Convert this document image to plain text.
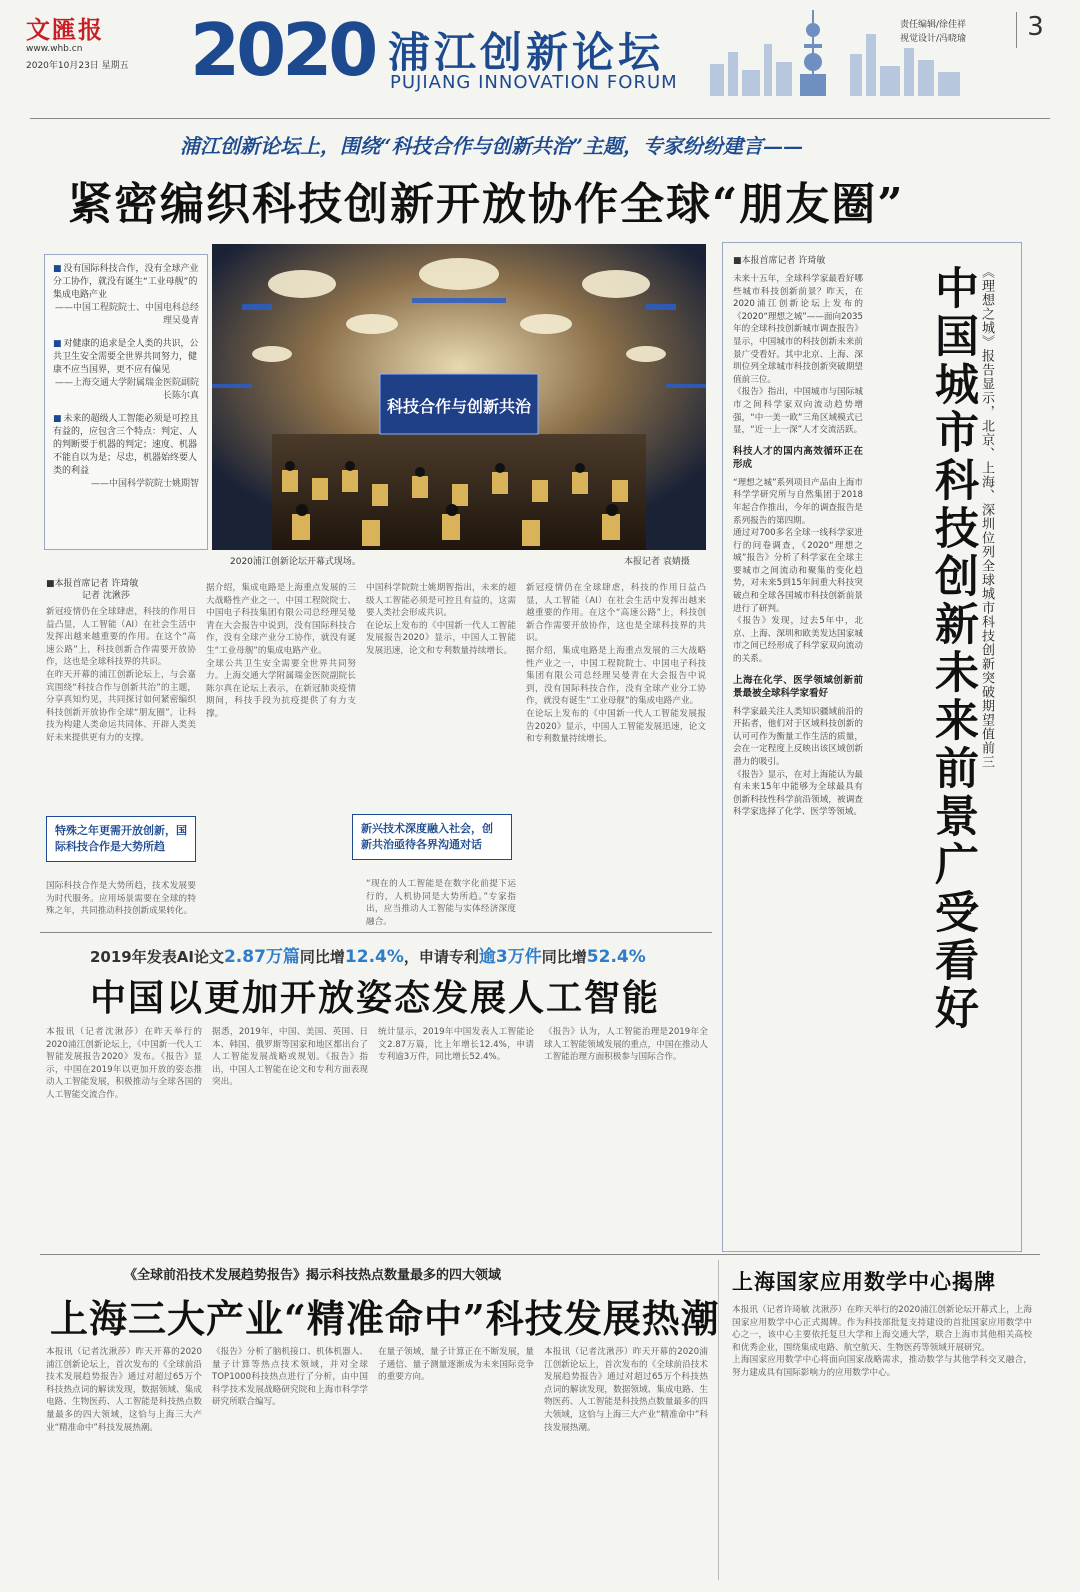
文匯报
www.whb.cn
2020年10月23日 星期五 2020 浦江创新论坛
PUJIANG INNOVATION FORUM
责任编辑/徐佳祥
视觉设计/冯晓瑜	3
浦江创新论坛上，围绕“科技合作与创新共治”主题，专家纷纷建言——
紧密编织科技创新开放协作全球“朋友圈”
■ 没有国际科技合作，没有全球产业分工协作，就没有诞生“工业母舰”的集成电路产业
——中国工程院院士、中国电科总经理吴曼青
■ 对健康的追求是全人类的共识，公共卫生安全需要全世界共同努力，健康不应当国界，更不应有偏见
——上海交通大学附属瑞金医院副院长陈尔真
■ 未来的超级人工智能必须是可控且有益的，应包含三个特点：判定、人的判断要于机器的判定；速度、机器不能自以为是；尽忠，机器始终要人类的利益
——中国科学院院士姚期智
科技合作与创新共治
2020浦江创新论坛开幕式现场。	本报记者 袁婧摄
■本报首席记者 许琦敏

未来十五年，全球科学家最看好哪些城市科技创新前景？昨天，在2020浦江创新论坛上发布的《2020“理想之城”——面向2035年的全球科技创新城市调查报告》显示，中国城市的科技创新未来前景广受看好。其中北京、上海、深圳位列全球城市科技创新突破期望值前三位。

《报告》指出，中国城市与国际城市之间科学家双向流动趋势增强，“中一美一欧”三角区域模式已显，“近一上一深”人才交流活跃。

科技人才的国内高效循环正在形成

“理想之城”系列项目产品由上海市科学学研究所与自然集团于2018年起合作推出，今年的调查报告是系列报告的第四期。

通过对700多名全球一线科学家进行的问卷调查，《2020“理想之城”报告》分析了科学家在全球主要城市之间流动和聚集的变化趋势，对未来5到15年间重大科技突破点和全球各国城市科技创新前景进行了研判。

《报告》发现，过去5年中，北京、上海、深圳和欧美发达国家城市之间已经形成了科学家双向流动的关系。

上海在化学、医学领域创新前景最被全球科学家看好

科学家最关注人类知识疆域前沿的开拓者，他们对于区域科技创新的认可可作为衡量工作生活的质量，会在一定程度上反映出该区域创新潜力的吸引。

《报告》显示，在对上海能认为最有未来15年中能够为全球最具有创新科技性科学前沿领域，被调查科学家选择了化学、医学等领域。 中国城市科技创新未来前景广受看好 《理想之城》报告显示，北京、上海、深圳位列全球城市科技创新突破期望值前三
■本报首席记者 许琦敏
记者 沈湫莎

新冠疫情仍在全球肆虐，科技的作用日益凸显，人工智能（AI）在社会生活中发挥出越来越重要的作用。在这个“高速公路”上，科技创新合作需要开放协作，这也是全球科技界的共识。

在昨天开幕的浦江创新论坛上，与会嘉宾围绕“科技合作与创新共治”的主题，分享真知灼见，共同探讨如何紧密编织科技创新开放协作全球“朋友圈”，让科技为构建人类命运共同体、开辟人类美好未来提供更有力的支撑。

特殊之年更需开放创新，国际科技合作是大势所趋

国际科技合作是大势所趋，技术发展要为时代服务。应用场景需要在全球的特殊之年，共同推动科技创新成果转化。

据介绍，集成电路是上海重点发展的三大战略性产业之一，中国工程院院士、中国电子科技集团有限公司总经理吴曼青在大会报告中说到，没有国际科技合作，没有全球产业分工协作，就没有诞生“工业母舰”的集成电路产业。

全球公共卫生安全需要全世界共同努力。上海交通大学附属瑞金医院副院长陈尔真在论坛上表示，在新冠肺炎疫情期间，科技手段为抗疫提供了有力支撑。

中国科学院院士姚期智指出，未来的超级人工智能必须是可控且有益的，这需要人类社会形成共识。

在论坛上发布的《中国新一代人工智能发展报告2020》显示，中国人工智能发展迅速，论文和专利数量持续增长。

新兴技术深度融入社会，创新共治亟待各界沟通对话

“现在的人工智能是在数字化前提下运行的，人机协同是大势所趋。”专家指出，应当推动人工智能与实体经济深度融合。

新冠疫情仍在全球肆虐，科技的作用日益凸显，人工智能（AI）在社会生活中发挥出越来越重要的作用。在这个“高速公路”上，科技创新合作需要开放协作，这也是全球科技界的共识。

据介绍，集成电路是上海重点发展的三大战略性产业之一，中国工程院院士、中国电子科技集团有限公司总经理吴曼青在大会报告中说到，没有国际科技合作，没有全球产业分工协作，就没有诞生“工业母舰”的集成电路产业。

在论坛上发布的《中国新一代人工智能发展报告2020》显示，中国人工智能发展迅速，论文和专利数量持续增长。

2019年发表AI论文2.87万篇同比增12.4%，申请专利逾3万件同比增52.4%
中国以更加开放姿态发展人工智能

本报讯（记者沈湫莎）在昨天举行的2020浦江创新论坛上，《中国新一代人工智能发展报告2020》发布。《报告》显示，中国在2019年以更加开放的姿态推动人工智能发展，积极推动与全球各国的人工智能交流合作。

据悉，2019年，中国、美国、英国、日本、韩国、俄罗斯等国家和地区都出台了人工智能发展战略或规划。《报告》指出，中国人工智能在论文和专利方面表现突出。

统计显示，2019年中国发表人工智能论文2.87万篇，比上年增长12.4%，申请专利逾3万件，同比增长52.4%。

《报告》认为，人工智能治理是2019年全球人工智能领域发展的重点，中国在推动人工智能治理方面积极参与国际合作。

《全球前沿技术发展趋势报告》揭示科技热点数量最多的四大领域
上海三大产业“精准命中”科技发展热潮

本报讯（记者沈湫莎）昨天开幕的2020浦江创新论坛上，首次发布的《全球前沿技术发展趋势报告》通过对超过65万个科技热点词的解读发现，数据领域、集成电路、生物医药、人工智能是科技热点数量最多的四大领域，这恰与上海三大产业“精准命中”科技发展热潮。

《报告》分析了脑机接口、机体机器人、量子计算等热点技术领域，并对全球TOP1000科技热点进行了分析，由中国科学技术发展战略研究院和上海市科学学研究所联合编写。

在量子领域，量子计算正在不断发展，量子通信、量子测量逐渐成为未来国际竞争的重要方向。

本报讯（记者沈湫莎）昨天开幕的2020浦江创新论坛上，首次发布的《全球前沿技术发展趋势报告》通过对超过65万个科技热点词的解读发现，数据领域、集成电路、生物医药、人工智能是科技热点数量最多的四大领域，这恰与上海三大产业“精准命中”科技发展热潮。

上海国家应用数学中心揭牌

本报讯（记者许琦敏 沈湫莎）在昨天举行的2020浦江创新论坛开幕式上，上海国家应用数学中心正式揭牌。作为科技部批复支持建设的首批国家应用数学中心之一，该中心主要依托复旦大学和上海交通大学，联合上海市其他相关高校和优秀企业，围绕集成电路、航空航天、生物医药等领域开展研究。

上海国家应用数学中心将面向国家战略需求，推动数学与其他学科交叉融合，努力建成具有国际影响力的应用数学中心。
